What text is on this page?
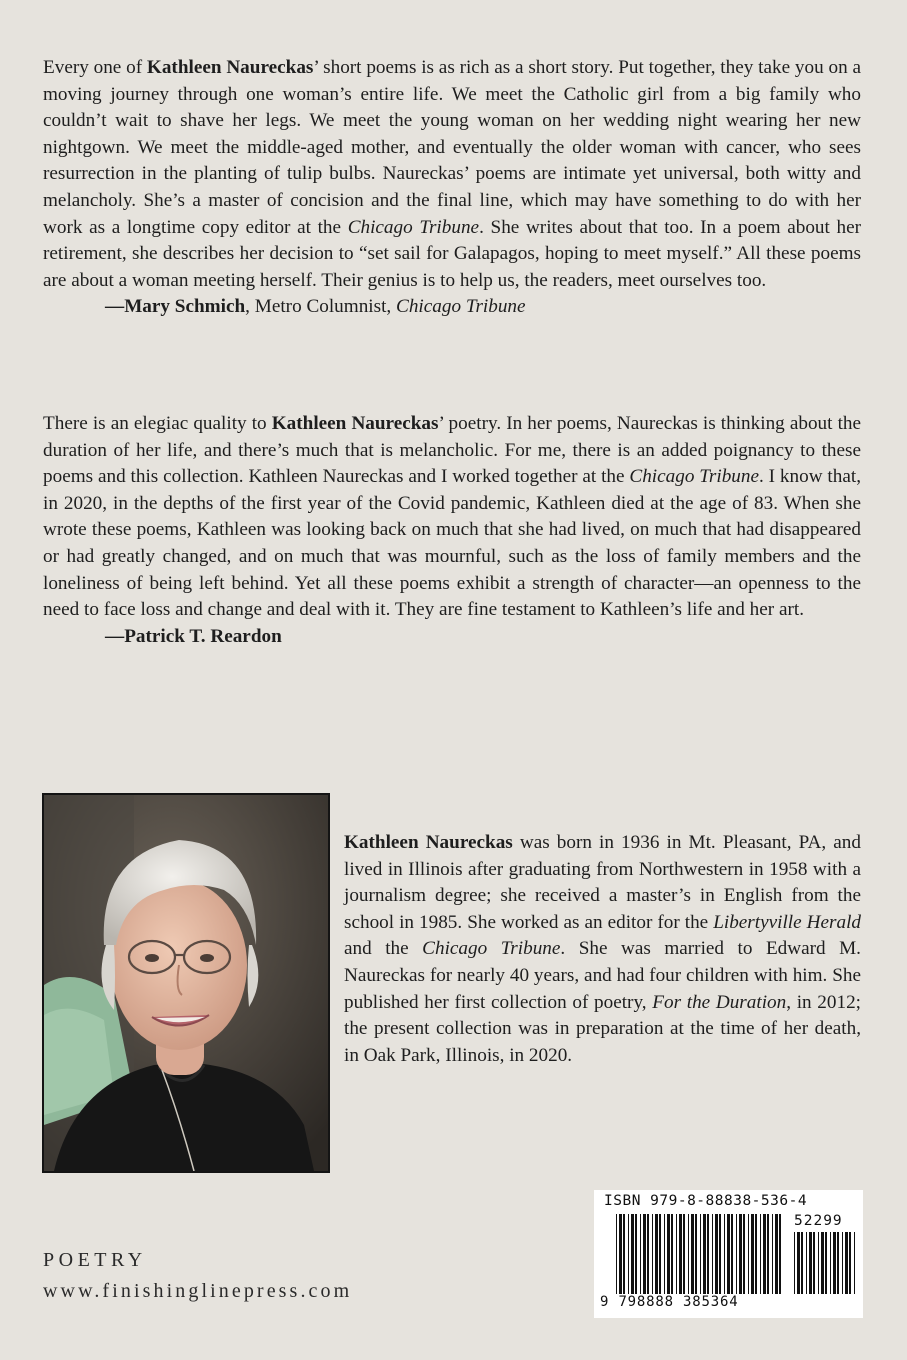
Every one of Kathleen Naureckas’ short poems is as rich as a short story. Put together, they take you on a moving journey through one woman’s entire life. We meet the Catholic girl from a big family who couldn’t wait to shave her legs. We meet the young woman on her wedding night wearing her new nightgown. We meet the middle-aged mother, and eventually the older woman with cancer, who sees resurrection in the planting of tulip bulbs. Naureckas’ poems are intimate yet universal, both witty and melancholy. She’s a master of concision and the final line, which may have something to do with her work as a longtime copy editor at the Chicago Tribune. She writes about that too. In a poem about her retirement, she describes her decision to “set sail for Galapagos, hoping to meet myself.” All these poems are about a woman meeting herself. Their genius is to help us, the readers, meet ourselves too.
—Mary Schmich, Metro Columnist, Chicago Tribune

There is an elegiac quality to Kathleen Naureckas’ poetry. In her poems, Naureckas is thinking about the duration of her life, and there’s much that is melancholic. For me, there is an added poignancy to these poems and this collection. Kathleen Naureckas and I worked together at the Chicago Tribune. I know that, in 2020, in the depths of the first year of the Covid pandemic, Kathleen died at the age of 83. When she wrote these poems, Kathleen was looking back on much that she had lived, on much that had disappeared or had greatly changed, and on much that was mournful, such as the loss of family members and the loneliness of being left behind. Yet all these poems exhibit a strength of character—an openness to the need to face loss and change and deal with it. They are fine testament to Kathleen’s life and her art.
—Patrick T. Reardon

Kathleen Naureckas was born in 1936 in Mt. Pleasant, PA, and lived in Illinois after graduating from Northwestern in 1958 with a journalism degree; she received a master’s in English from the school in 1985. She worked as an editor for the Libertyville Herald and the Chicago Tribune. She was married to Edward M. Naureckas for nearly 40 years, and had four children with him. She published her first collection of poetry, For the Duration, in 2012; the present collection was in preparation at the time of her death, in Oak Park, Illinois, in 2020.

ISBN 979-8-88838-536-4
52299
9 798888 385364
POETRY
www.finishinglinepress.com
